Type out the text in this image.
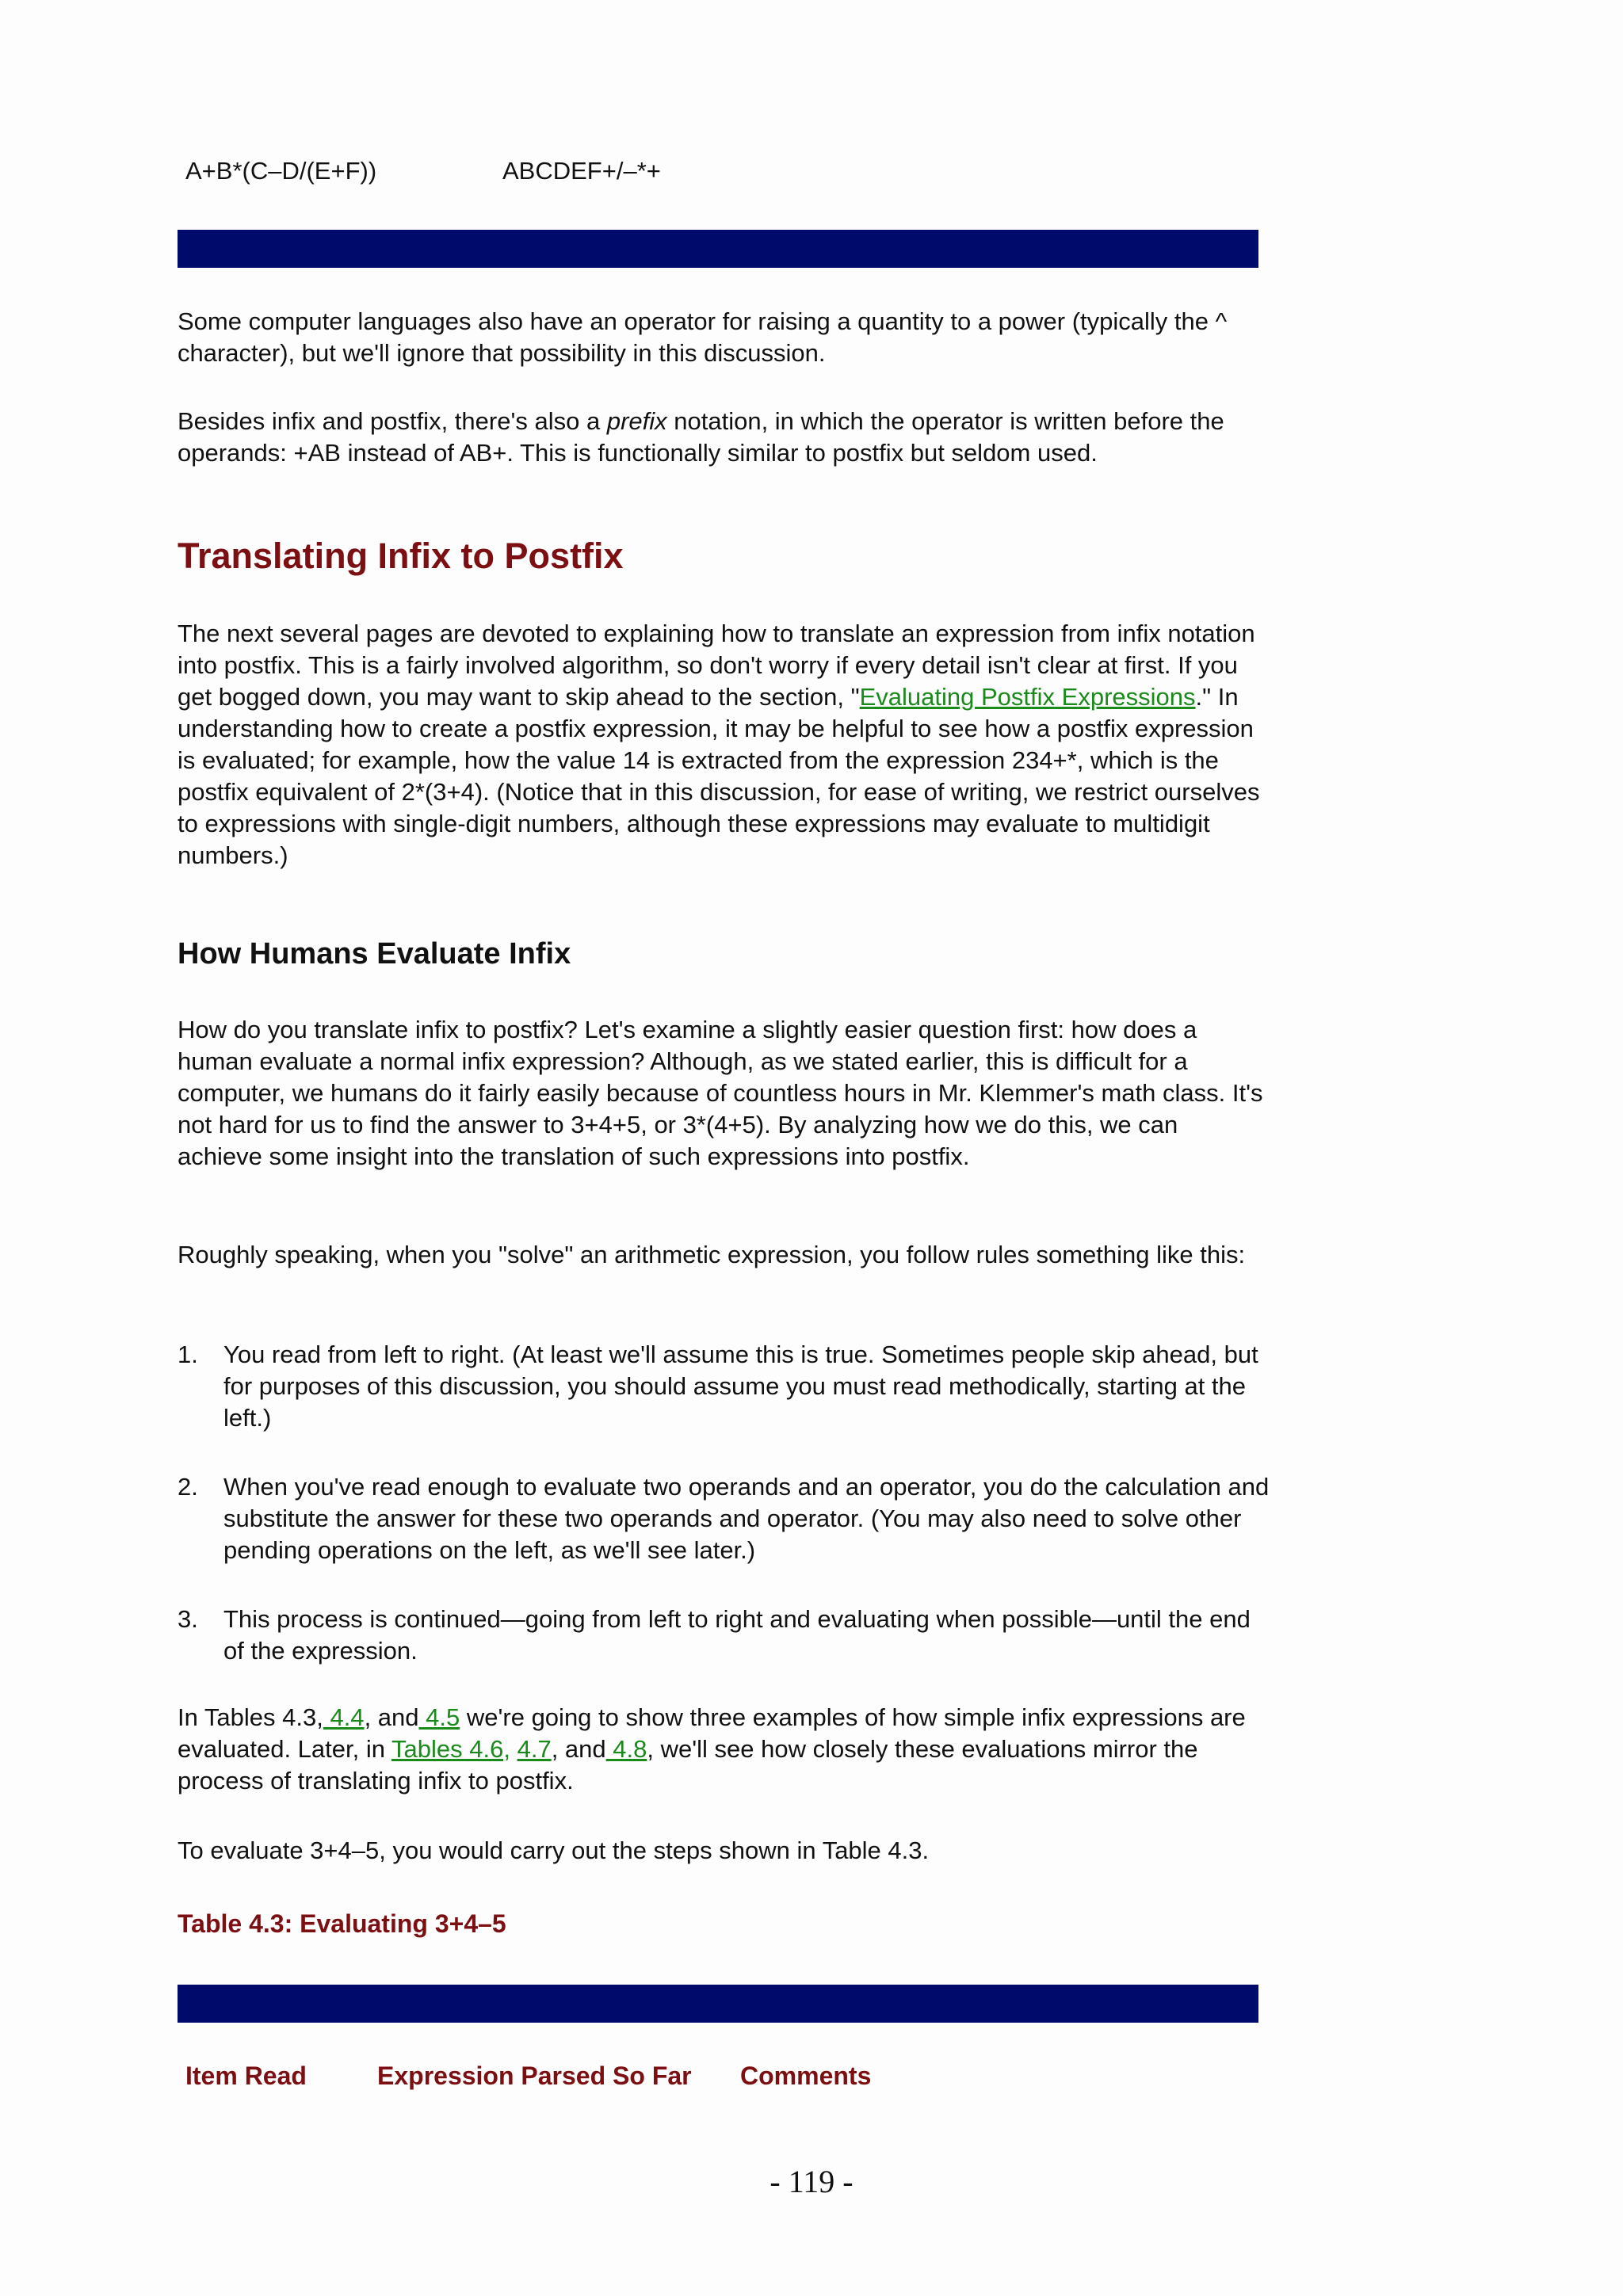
A+B*(C–D/(E+F))	ABCDEF+/–*+

Some computer languages also have an operator for raising a quantity to a power (typically the ^ character), but we'll ignore that possibility in this discussion.

Besides infix and postfix, there's also a prefix notation, in which the operator is written before the operands: +AB instead of AB+. This is functionally similar to postfix but seldom used.

Translating Infix to Postfix

The next several pages are devoted to explaining how to translate an expression from infix notation into postfix. This is a fairly involved algorithm, so don't worry if every detail isn't clear at first. If you get bogged down, you may want to skip ahead to the section, "Evaluating Postfix Expressions." In understanding how to create a postfix expression, it may be helpful to see how a postfix expression is evaluated; for example, how the value 14 is extracted from the expression 234+*, which is the postfix equivalent of 2*(3+4). (Notice that in this discussion, for ease of writing, we restrict ourselves to expressions with single-digit numbers, although these expressions may evaluate to multidigit numbers.)

How Humans Evaluate Infix

How do you translate infix to postfix? Let's examine a slightly easier question first: how does a human evaluate a normal infix expression? Although, as we stated earlier, this is difficult for a computer, we humans do it fairly easily because of countless hours in Mr. Klemmer's math class. It's not hard for us to find the answer to 3+4+5, or 3*(4+5). By analyzing how we do this, we can achieve some insight into the translation of such expressions into postfix.

Roughly speaking, when you "solve" an arithmetic expression, you follow rules something like this:

1. You read from left to right. (At least we'll assume this is true. Sometimes people skip ahead, but for purposes of this discussion, you should assume you must read methodically, starting at the left.)
2. When you've read enough to evaluate two operands and an operator, you do the calculation and substitute the answer for these two operands and operator. (You may also need to solve other pending operations on the left, as we'll see later.)
3. This process is continued—going from left to right and evaluating when possible—until the end of the expression.

In Tables 4.3, 4.4, and 4.5 we're going to show three examples of how simple infix expressions are evaluated. Later, in Tables 4.6, 4.7, and 4.8, we'll see how closely these evaluations mirror the process of translating infix to postfix.

To evaluate 3+4–5, you would carry out the steps shown in Table 4.3.

Table 4.3: Evaluating 3+4–5
Item Read	Expression Parsed So Far	Comments
- 119 -
